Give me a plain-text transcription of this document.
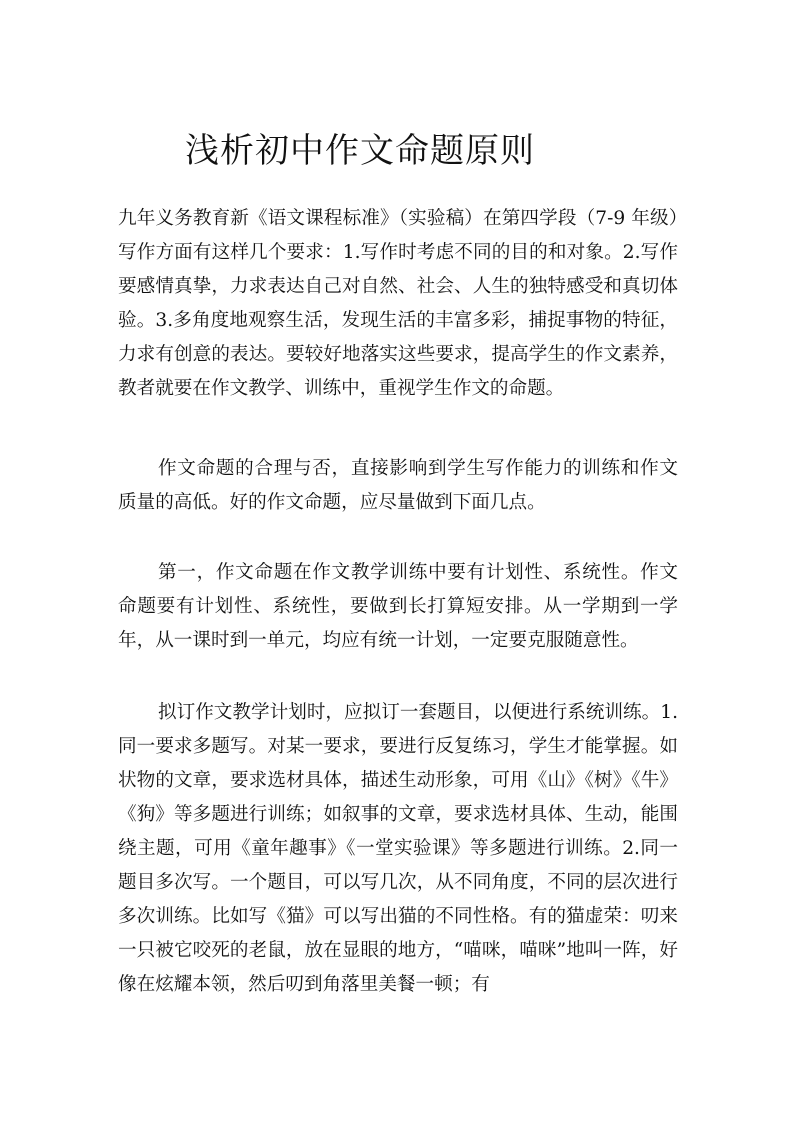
浅析初中作文命题原则

九年义务教育新《语文课程标准》（实验稿）在第四学段（7-9 年级）写作方面有这样几个要求：1.写作时考虑不同的目的和对象。2.写作要感情真挚，力求表达自己对自然、社会、人生的独特感受和真切体验。3.多角度地观察生活，发现生活的丰富多彩，捕捉事物的特征，力求有创意的表达。要较好地落实这些要求，提高学生的作文素养，教者就要在作文教学、训练中，重视学生作文的命题。

作文命题的合理与否，直接影响到学生写作能力的训练和作文质量的高低。好的作文命题，应尽量做到下面几点。

第一，作文命题在作文教学训练中要有计划性、系统性。作文命题要有计划性、系统性，要做到长打算短安排。从一学期到一学年，从一课时到一单元，均应有统一计划，一定要克服随意性。

拟订作文教学计划时，应拟订一套题目，以便进行系统训练。1.同一要求多题写。对某一要求，要进行反复练习，学生才能掌握。如状物的文章，要求选材具体，描述生动形象，可用《山》《树》《牛》《狗》等多题进行训练；如叙事的文章，要求选材具体、生动，能围绕主题，可用《童年趣事》《一堂实验课》等多题进行训练。2.同一题目多次写。一个题目，可以写几次，从不同角度，不同的层次进行多次训练。比如写《猫》可以写出猫的不同性格。有的猫虚荣：叨来一只被它咬死的老鼠，放在显眼的地方，“喵咪，喵咪”地叫一阵，好像在炫耀本领，然后叨到角落里美餐一顿；有
